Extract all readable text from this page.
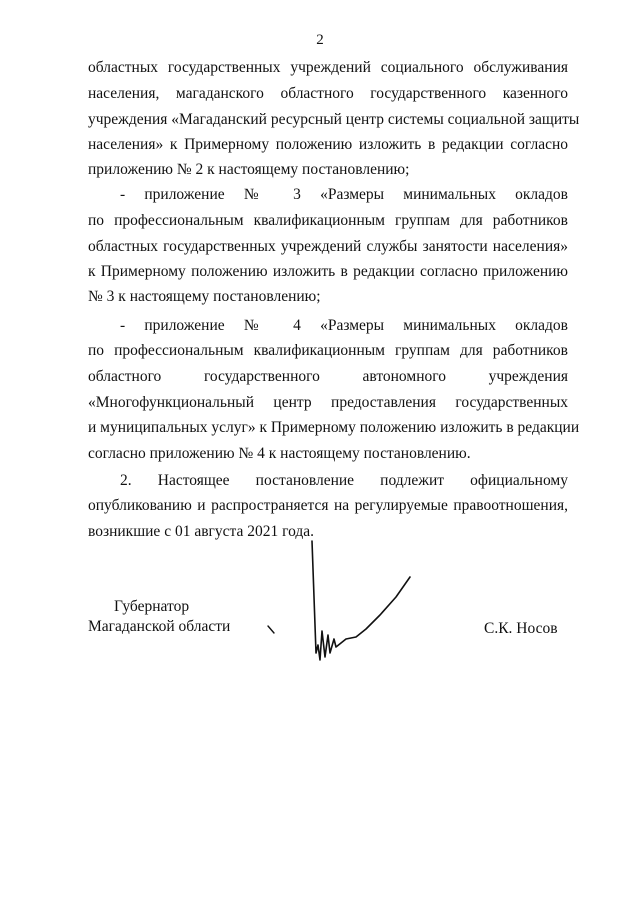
2
областных государственных учреждений социального обслуживания
населения, магаданского областного государственного казенного
учреждения «Магаданский ресурсный центр системы социальной защиты
населения» к Примерному положению изложить в редакции согласно
приложению № 2 к настоящему постановлению;
- приложение № 3 «Размеры минимальных окладов
по профессиональным квалификационным группам для работников
областных государственных учреждений службы занятости населения»
к Примерному положению изложить в редакции согласно приложению
№ 3 к настоящему постановлению;
- приложение № 4 «Размеры минимальных окладов
по профессиональным квалификационным группам для работников
областного государственного автономного учреждения
«Многофункциональный центр предоставления государственных
и муниципальных услуг» к Примерному положению изложить в редакции
согласно приложению № 4 к настоящему постановлению.
2. Настоящее постановление подлежит официальному
опубликованию и распространяется на регулируемые правоотношения,
возникшие с 01 августа 2021 года.
Губернатор
Магаданской области	С.К. Носов
